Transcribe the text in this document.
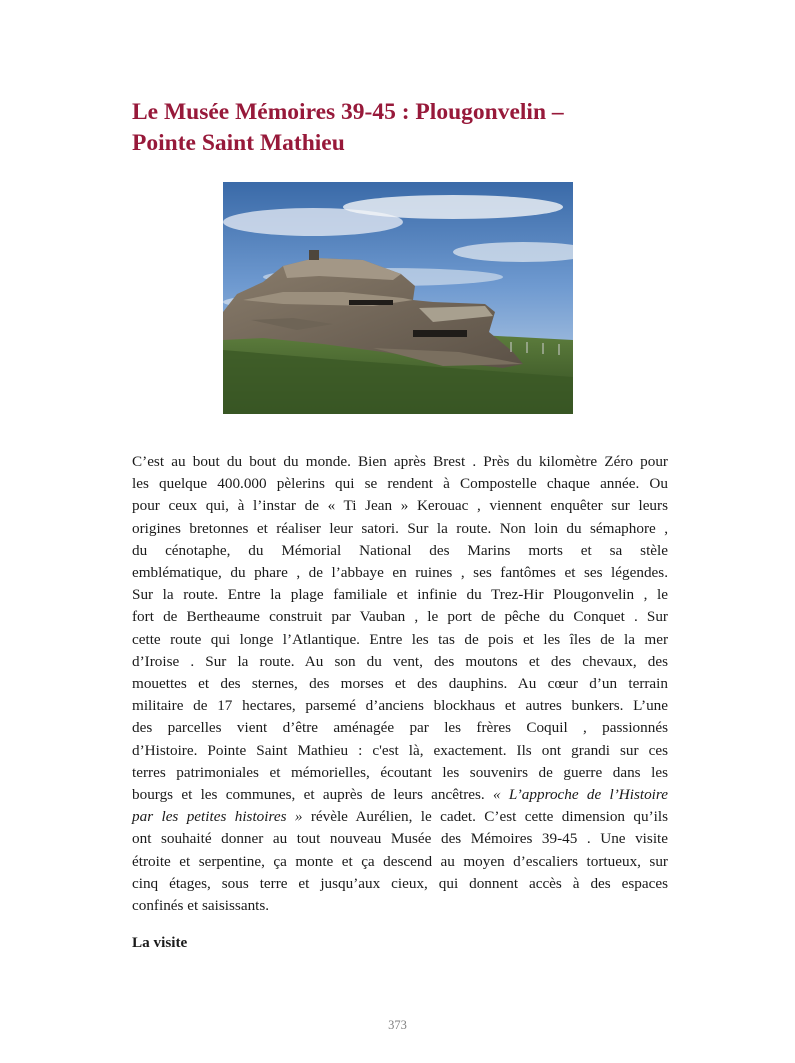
Le Musée Mémoires 39-45 : Plougonvelin –
Pointe Saint Mathieu
C’est au bout du bout du monde. Bien après Brest . Près du kilomètre Zéro pour
les quelque 400.000 pèlerins qui se rendent à Compostelle chaque année. Ou
pour ceux qui, à l’instar de « Ti Jean » Kerouac , viennent enquêter sur leurs
origines bretonnes et réaliser leur satori. Sur la route. Non loin du sémaphore ,
du cénotaphe, du Mémorial National des Marins morts et sa stèle
emblématique, du phare , de l’abbaye en ruines , ses fantômes et ses légendes.
Sur la route. Entre la plage familiale et infinie du Trez-Hir Plougonvelin , le
fort de Bertheaume construit par Vauban , le port de pêche du Conquet . Sur
cette route qui longe l’Atlantique. Entre les tas de pois et les îles de la mer
d’Iroise . Sur la route. Au son du vent, des moutons et des chevaux, des
mouettes et des sternes, des morses et des dauphins. Au cœur d’un terrain
militaire de 17 hectares, parsemé d’anciens blockhaus et autres bunkers. L’une
des parcelles vient d’être aménagée par les frères Coquil , passionnés
d’Histoire. Pointe Saint Mathieu : c'est là, exactement. Ils ont grandi sur ces
terres patrimoniales et mémorielles, écoutant les souvenirs de guerre dans les
bourgs et les communes, et auprès de leurs ancêtres. « L’approche de l’Histoire
par les petites histoires » révèle Aurélien, le cadet. C’est cette dimension qu’ils
ont souhaité donner au tout nouveau Musée des Mémoires 39-45 . Une visite
étroite et serpentine, ça monte et ça descend au moyen d’escaliers tortueux, sur
cinq étages, sous terre et jusqu’aux cieux, qui donnent accès à des espaces
confinés et saisissants.
La visite
373
